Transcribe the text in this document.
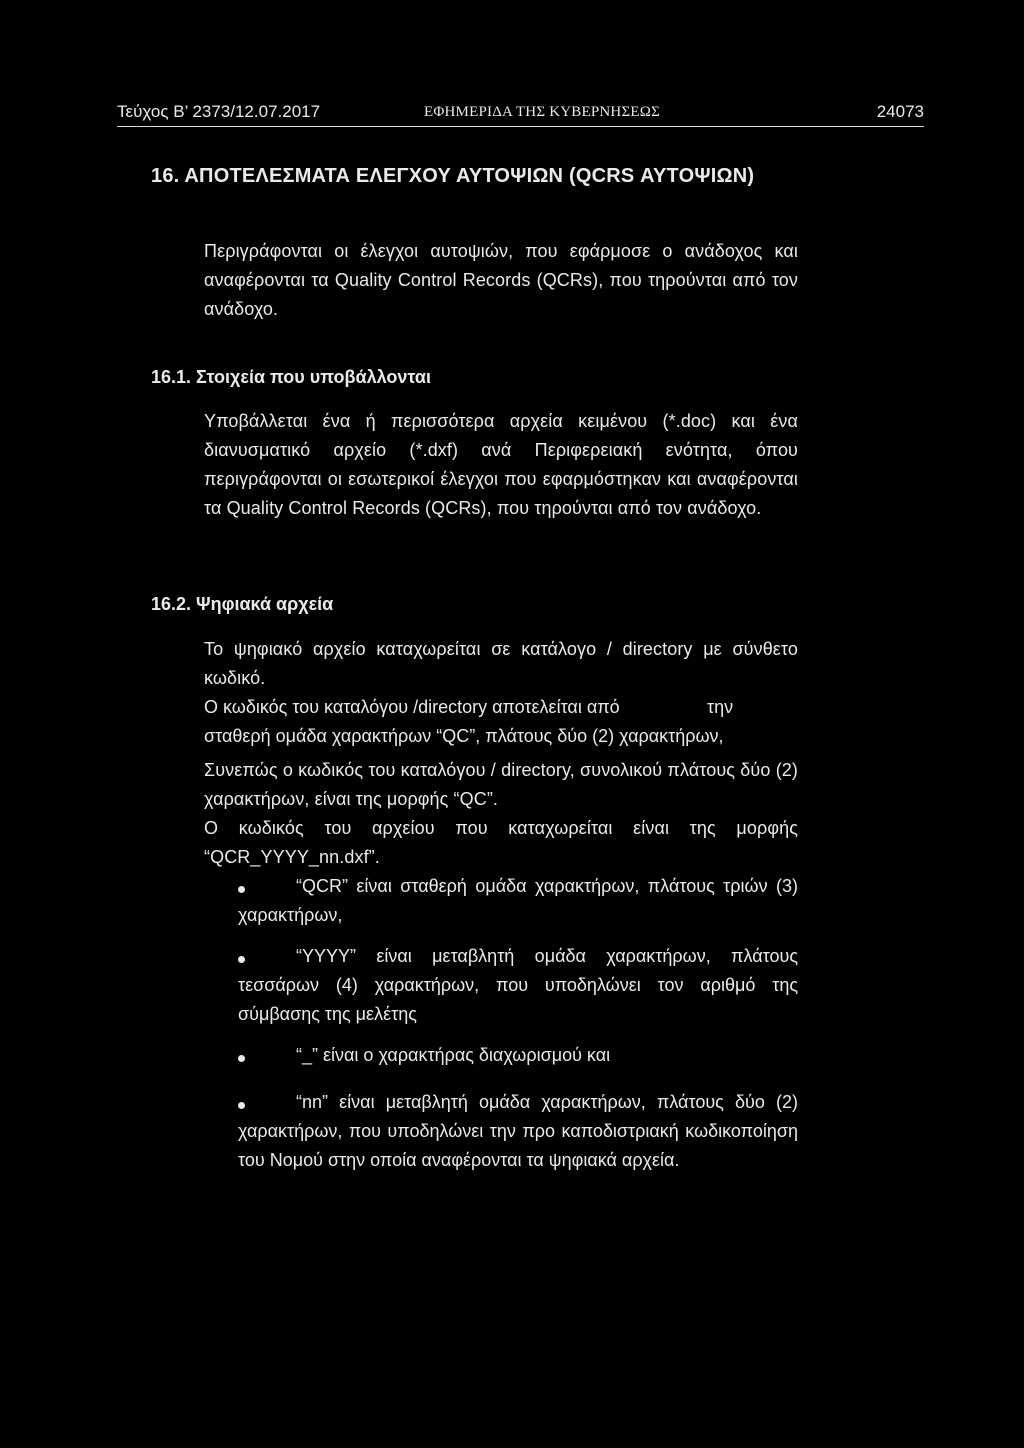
Τεύχος Β’ 2373/12.07.2017	ΕΦΗΜΕΡΙΔΑ ΤΗΣ ΚΥΒΕΡΝΗΣΕΩΣ	24073
16. ΑΠΟΤΕΛΕΣΜΑΤΑ ΕΛΕΓΧΟΥ ΑΥΤΟΨΙΩΝ (QCRS ΑΥΤΟΨΙΩΝ)
Περιγράφονται οι έλεγχοι αυτοψιών, που εφάρμοσε ο ανάδοχος και αναφέρονται τα Quality Control Records (QCRs), που τηρούνται από τον ανάδοχο.
16.1. Στοιχεία που υποβάλλονται
Υποβάλλεται ένα ή περισσότερα αρχεία κειμένου (*.doc) και ένα διανυσματικό αρχείο (*.dxf) ανά Περιφερειακή ενότητα, όπου περιγράφονται οι εσωτερικοί έλεγχοι που εφαρμόστηκαν και αναφέρονται τα Quality Control Records (QCRs), που τηρούνται από τον ανάδοχο.
16.2. Ψηφιακά αρχεία
Το ψηφιακό αρχείο καταχωρείται σε κατάλογο / directory με σύνθετο κωδικό.
Ο κωδικός του καταλόγου /directory αποτελείται από	την
σταθερή ομάδα χαρακτήρων “QC”, πλάτους δύο (2) χαρακτήρων,
Συνεπώς ο κωδικός του καταλόγου / directory, συνολικού πλάτους δύο (2) χαρακτήρων, είναι της μορφής “QC”.
Ο κωδικός του αρχείου που καταχωρείται είναι της μορφής “QCR_YYYY_nn.dxf”.
“QCR” είναι σταθερή ομάδα χαρακτήρων, πλάτους τριών (3) χαρακτήρων,
“YYYY” είναι μεταβλητή ομάδα χαρακτήρων, πλάτους τεσσάρων (4) χαρακτήρων, που υποδηλώνει τον αριθμό της σύμβασης της μελέτης
“_” είναι ο χαρακτήρας διαχωρισμού και
“nn” είναι μεταβλητή ομάδα χαρακτήρων, πλάτους δύο (2) χαρακτήρων, που υποδηλώνει την προ καποδιστριακή κωδικοποίηση του Νομού στην οποία αναφέρονται τα ψηφιακά αρχεία.
